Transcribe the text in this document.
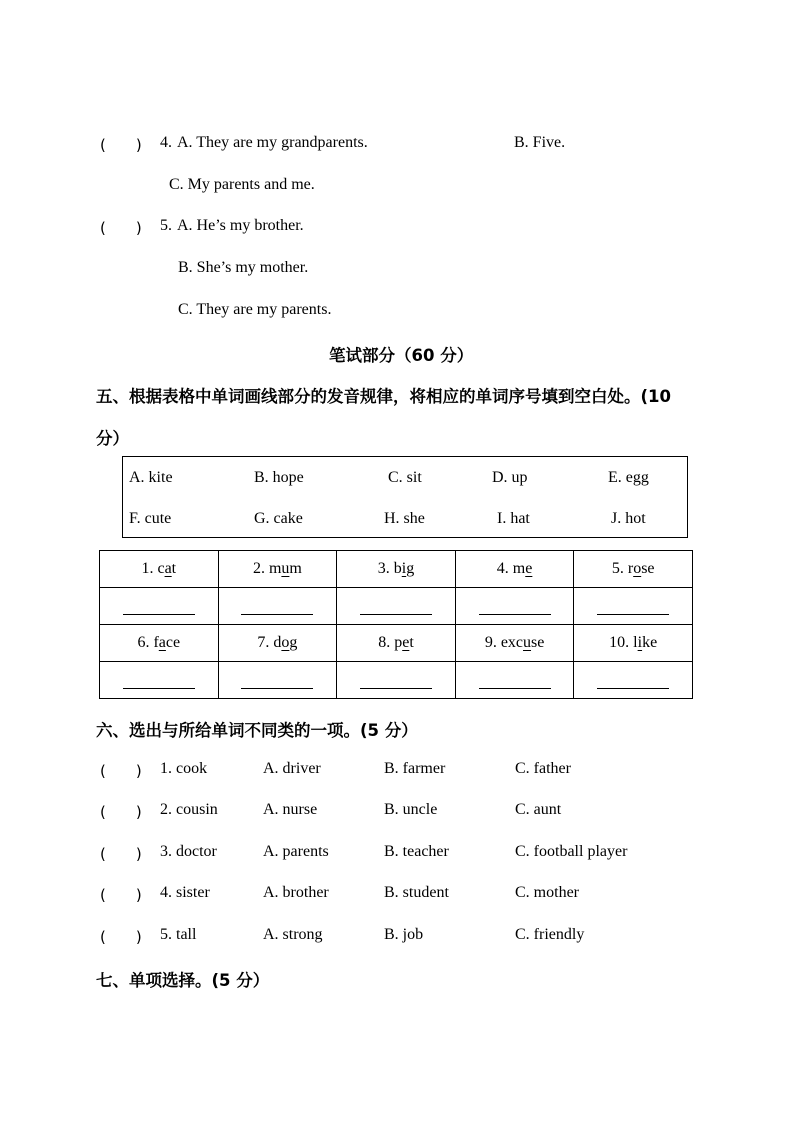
(　　) 4. A. They are my grandparents.	B. Five.
C. My parents and me.
(　　) 5. A. He’s my brother.
B. She’s my mother.
C. They are my parents.
笔试部分（60 分）
五、根据表格中单词画线部分的发音规律，将相应的单词序号填到空白处。(10
分）
A. kite	B. hope	C. sit	D. up	E. egg
F. cute	G. cake	H. she	I. hat	J. hot
1. cat	2. mum	3. big	4. me	5. rose

6. face	7. dog	8. pet	9. excuse	10. like

六、选出与所给单词不同类的一项。(5 分）
(　　) 1. cook	A. driver	B. farmer	C. father
(　　) 2. cousin	A. nurse	B. uncle	C. aunt
(　　) 3. doctor	A. parents	B. teacher	C. football player
(　　) 4. sister	A. brother	B. student	C. mother
(　　) 5. tall	A. strong	B. job	C. friendly
七、单项选择。(5 分）
